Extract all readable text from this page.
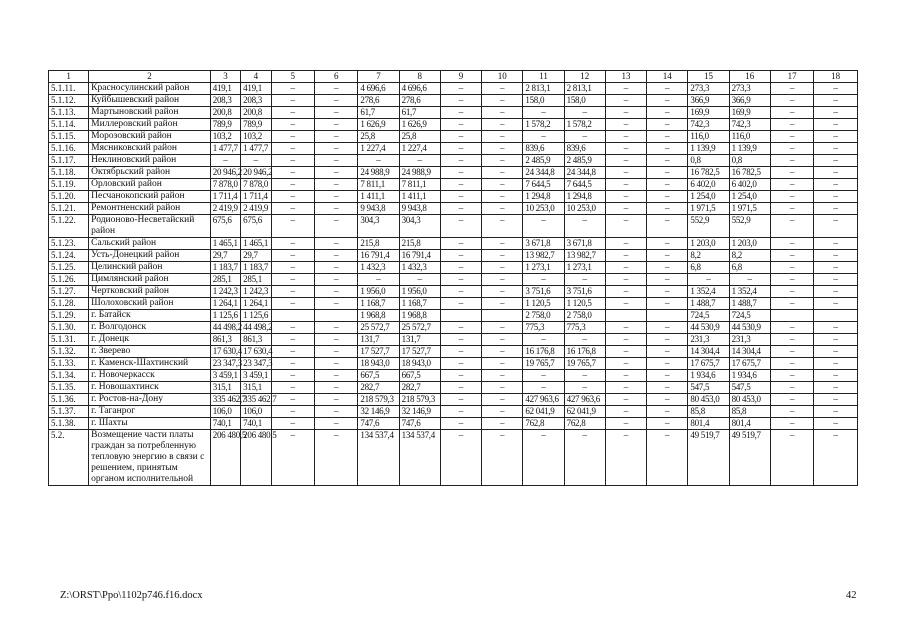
1	2	3	4	5	6	7	8	9	10	11	12	13	14	15	16	17	18
5.1.11.	Красносулинский район	419,1	419,1	–	–	4 696,6	4 696,6	–	–	2 813,1	2 813,1	–	–	273,3	273,3	–	–
5.1.12.	Куйбышевский район	208,3	208,3	–	–	278,6	278,6	–	–	158,0	158,0	–	–	366,9	366,9	–	–
5.1.13.	Мартыновский район	200,8	200,8	–	–	61,7	61,7	–	–	–	–	–	–	169,9	169,9	–	–
5.1.14.	Миллеровский район	789,9	789,9	–	–	1 626,9	1 626,9	–	–	1 578,2	1 578,2	–	–	742,3	742,3	–	–
5.1.15.	Морозовский район	103,2	103,2	–	–	25,8	25,8	–	–	–	–	–	–	116,0	116,0	–	–
5.1.16.	Мясниковский район	1 477,7	1 477,7	–	–	1 227,4	1 227,4	–	–	839,6	839,6	–	–	1 139,9	1 139,9	–	–
5.1.17.	Неклиновский район	–	–	–	–	–	–	–	–	2 485,9	2 485,9	–	–	0,8	0,8	–	–
5.1.18.	Октябрьский район	20 946,2	20 946,2	–	–	24 988,9	24 988,9	–	–	24 344,8	24 344,8	–	–	16 782,5	16 782,5	–	–
5.1.19.	Орловский район	7 878,0	7 878,0	–	–	7 811,1	7 811,1	–	–	7 644,5	7 644,5	–	–	6 402,0	6 402,0	–	–
5.1.20.	Песчанокопский район	1 711,4	1 711,4	–	–	1 411,1	1 411,1	–	–	1 294,8	1 294,8	–	–	1 254,0	1 254,0	–	–
5.1.21.	Ремонтненский район	2 419,9	2 419,9	–	–	9 943,8	9 943,8	–	–	10 253,0	10 253,0	–	–	1 971,5	1 971,5	–	–
5.1.22.	Родионово-Несветайский район	675,6	675,6	–	–	304,3	304,3	–	–	–	–	–	–	552,9	552,9	–	–
5.1.23.	Сальский район	1 465,1	1 465,1	–	–	215,8	215,8	–	–	3 671,8	3 671,8	–	–	1 203,0	1 203,0	–	–
5.1.24.	Усть-Донецкий район	29,7	29,7	–	–	16 791,4	16 791,4	–	–	13 982,7	13 982,7	–	–	8,2	8,2	–	–
5.1.25.	Целинский район	1 183,7	1 183,7	–	–	1 432,3	1 432,3	–	–	1 273,1	1 273,1	–	–	6,8	6,8	–	–
5.1.26.	Цимлянский район	285,1	285,1	–	–	–	–	–	–	–	–	–	–	–	–	–	–
5.1.27.	Чертковский район	1 242,3	1 242,3	–	–	1 956,0	1 956,0	–	–	3 751,6	3 751,6	–	–	1 352,4	1 352,4	–	–
5.1.28.	Шолоховский район	1 264,1	1 264,1	–	–	1 168,7	1 168,7	–	–	1 120,5	1 120,5	–	–	1 488,7	1 488,7	–	–
5.1.29.	г. Батайск	1 125,6	1 125,6			1 968,8	1 968,8			2 758,0	2 758,0			724,5	724,5		
5.1.30.	г. Волгодонск	44 498,2	44 498,2	–	–	25 572,7	25 572,7	–	–	775,3	775,3	–	–	44 530,9	44 530,9	–	–
5.1.31.	г. Донецк	861,3	861,3	–	–	131,7	131,7	–	–	–	–	–	–	231,3	231,3	–	–
5.1.32.	г. Зверево	17 630,4	17 630,4	–	–	17 527,7	17 527,7	–	–	16 176,8	16 176,8	–	–	14 304,4	14 304,4	–	–
5.1.33.	г. Каменск-Шахтинский	23 347,3	23 347,3	–	–	18 943,0	18 943,0	–	–	19 765,7	19 765,7	–	–	17 675,7	17 675,7	–	–
5.1.34.	г. Новочеркасск	3 459,1	3 459,1	–	–	667,5	667,5	–	–	–	–	–	–	1 934,6	1 934,6	–	–
5.1.35.	г. Новошахтинск	315,1	315,1	–	–	282,7	282,7	–	–	–	–	–	–	547,5	547,5	–	–
5.1.36.	г. Ростов-на-Дону	335 462,7	335 462,7	–	–	218 579,3	218 579,3	–	–	427 963,6	427 963,6	–	–	80 453,0	80 453,0	–	–
5.1.37.	г. Таганрог	106,0	106,0	–	–	32 146,9	32 146,9	–	–	62 041,9	62 041,9	–	–	85,8	85,8	–	–
5.1.38.	г. Шахты	740,1	740,1	–	–	747,6	747,6	–	–	762,8	762,8	–	–	801,4	801,4	–	–
5.2.	Возмещение части платы граждан за потребленную тепловую энергию в связи с решением, принятым органом исполнительной	206 480,5	206 480,5	–	–	134 537,4	134 537,4	–	–	–	–	–	–	49 519,7	49 519,7	–	–
Z:\ORST\Ppo\1102p746.f16.docx	42
